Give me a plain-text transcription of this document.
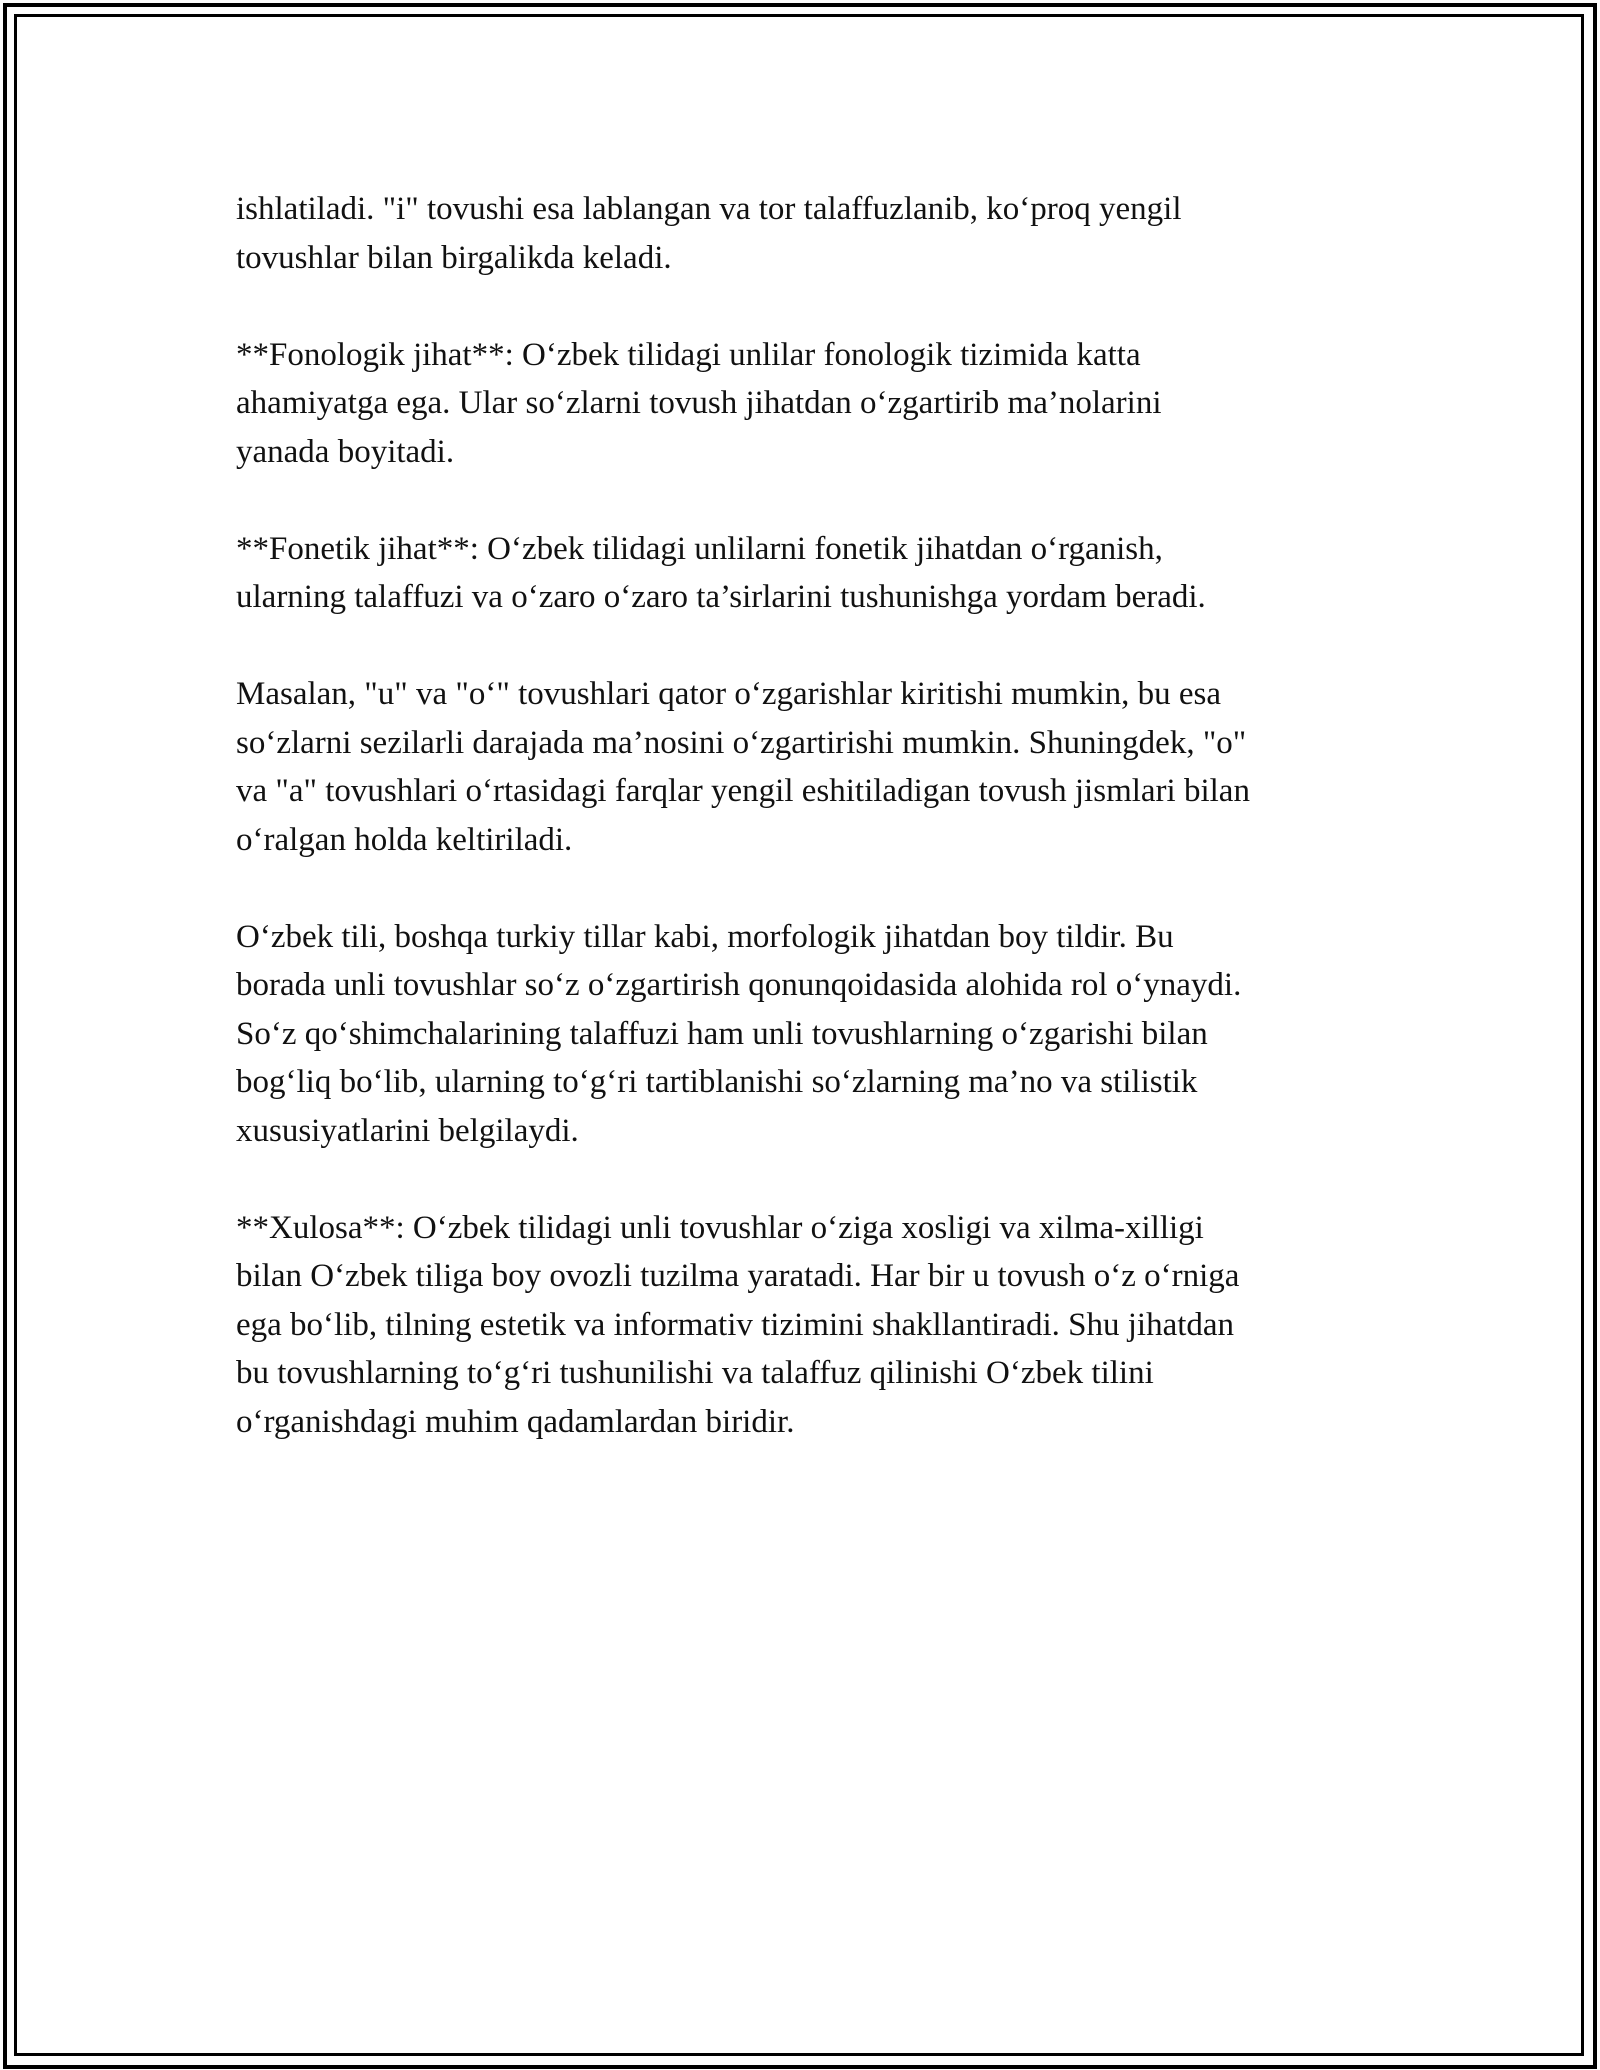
ishlatiladi. "i" tovushi esa lablangan va tor talaffuzlanib, ko‘proq yengil
tovushlar bilan birgalikda keladi.

**Fonologik jihat**: O‘zbek tilidagi unlilar fonologik tizimida katta
ahamiyatga ega. Ular so‘zlarni tovush jihatdan o‘zgartirib ma’nolarini
yanada boyitadi.

**Fonetik jihat**: O‘zbek tilidagi unlilarni fonetik jihatdan o‘rganish,
ularning talaffuzi va o‘zaro o‘zaro ta’sirlarini tushunishga yordam beradi.

Masalan, "u" va "o‘" tovushlari qator o‘zgarishlar kiritishi mumkin, bu esa
so‘zlarni sezilarli darajada ma’nosini o‘zgartirishi mumkin. Shuningdek, "o"
va "a" tovushlari o‘rtasidagi farqlar yengil eshitiladigan tovush jismlari bilan
o‘ralgan holda keltiriladi.

O‘zbek tili, boshqa turkiy tillar kabi, morfologik jihatdan boy tildir. Bu
borada unli tovushlar so‘z o‘zgartirish qonunqoidasida alohida rol o‘ynaydi.
So‘z qo‘shimchalarining talaffuzi ham unli tovushlarning o‘zgarishi bilan
bog‘liq bo‘lib, ularning to‘g‘ri tartiblanishi so‘zlarning ma’no va stilistik
xususiyatlarini belgilaydi.

**Xulosa**: O‘zbek tilidagi unli tovushlar o‘ziga xosligi va xilma-xilligi
bilan O‘zbek tiliga boy ovozli tuzilma yaratadi. Har bir u tovush o‘z o‘rniga
ega bo‘lib, tilning estetik va informativ tizimini shakllantiradi. Shu jihatdan
bu tovushlarning to‘g‘ri tushunilishi va talaffuz qilinishi O‘zbek tilini
o‘rganishdagi muhim qadamlardan biridir.
